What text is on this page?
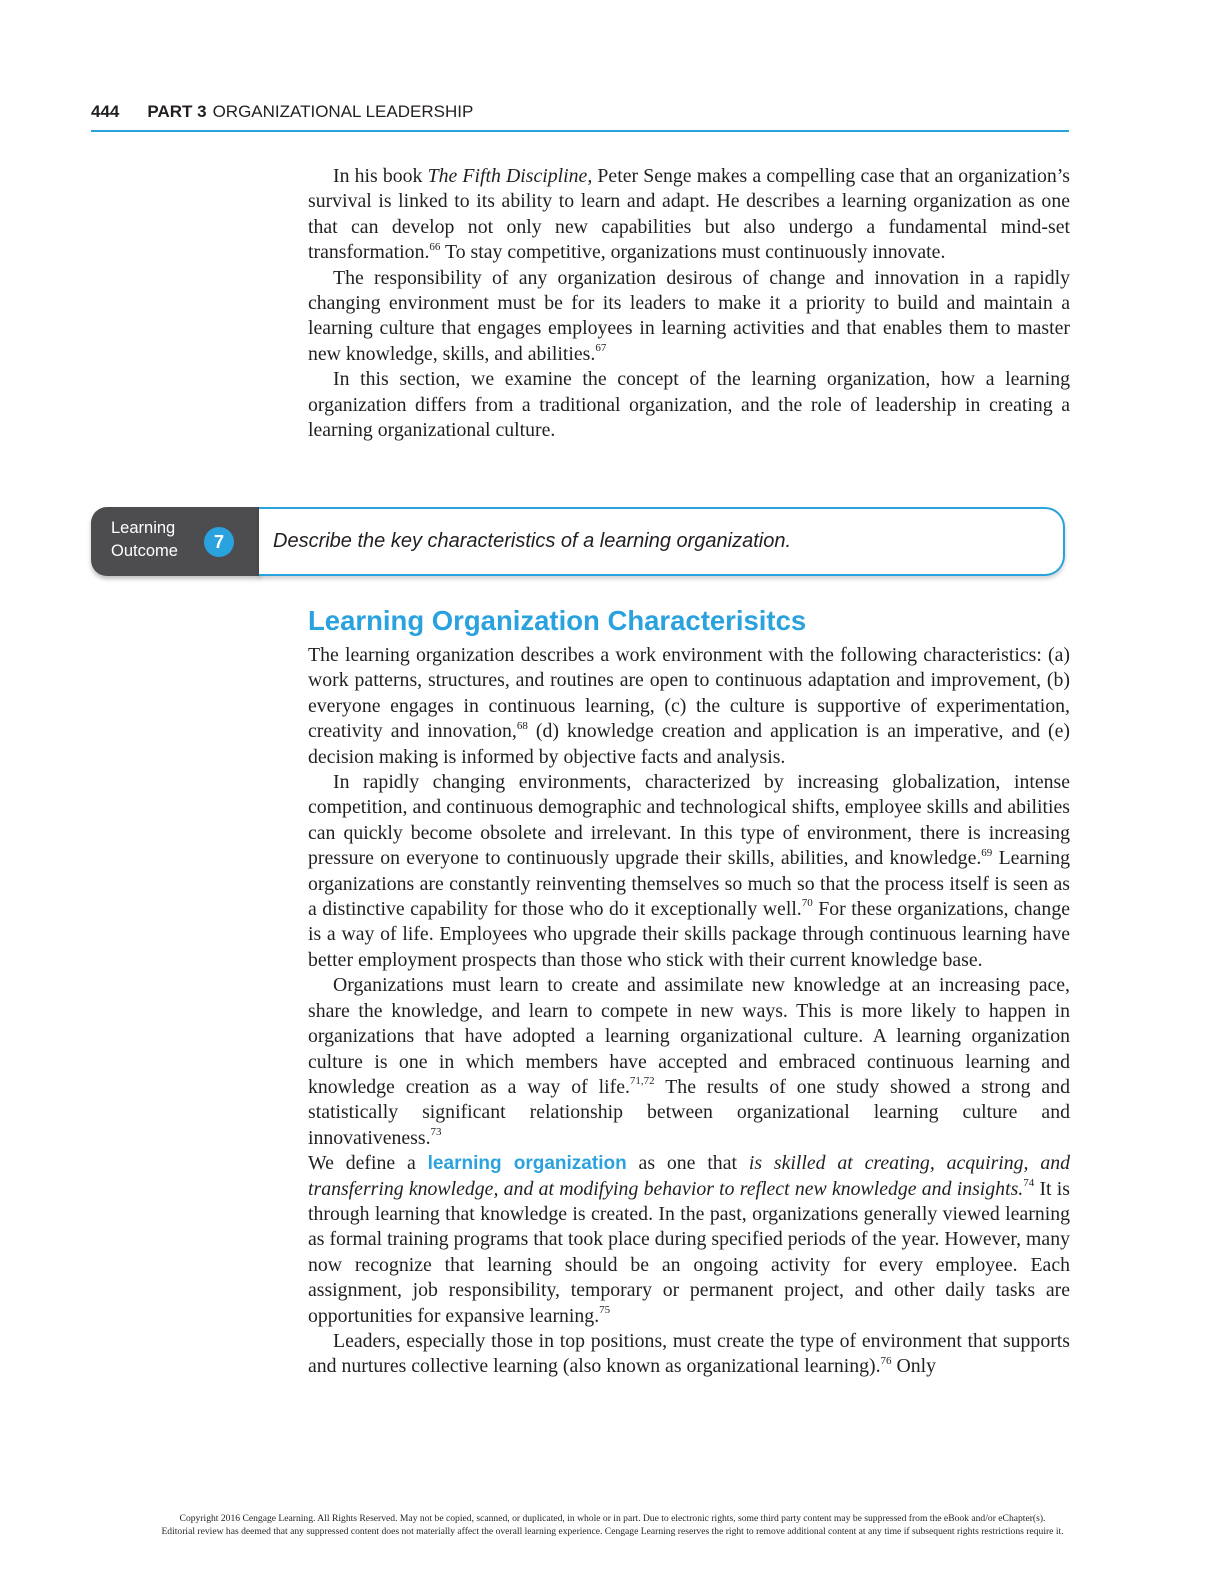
444 PART 3 ORGANIZATIONAL LEADERSHIP

In his book The Fifth Discipline, Peter Senge makes a compelling case that an organization’s survival is linked to its ability to learn and adapt. He describes a learning organization as one that can develop not only new capabilities but also undergo a fundamental mind-set transformation.$^{66}$ To stay competitive, organizations must continuously innovate.

The responsibility of any organization desirous of change and innovation in a rapidly changing environment must be for its leaders to make it a priority to build and maintain a learning culture that engages employees in learning activities and that enables them to master new knowledge, skills, and abilities.$^{67}$

In this section, we examine the concept of the learning organization, how a learning organization differs from a traditional organization, and the role of leadership in creating a learning organizational culture.

Learning
Outcome	7	Describe the key characteristics of a learning organization.
Learning Organization Characterisitcs

The learning organization describes a work environment with the following characteristics: (a) work patterns, structures, and routines are open to continuous adaptation and improvement, (b) everyone engages in continuous learning, (c) the culture is supportive of experimentation, creativity and innovation,$^{68}$ (d) knowledge creation and application is an imperative, and (e) decision making is informed by objective facts and analysis.

In rapidly changing environments, characterized by increasing globalization, intense competition, and continuous demographic and technological shifts, employee skills and abilities can quickly become obsolete and irrelevant. In this type of environment, there is increasing pressure on everyone to continuously upgrade their skills, abilities, and knowledge.$^{69}$ Learning organizations are constantly reinventing themselves so much so that the process itself is seen as a distinctive capability for those who do it exceptionally well.$^{70}$ For these organizations, change is a way of life. Employees who upgrade their skills package through continuous learning have better employment prospects than those who stick with their current knowledge base.

Organizations must learn to create and assimilate new knowledge at an increasing pace, share the knowledge, and learn to compete in new ways. This is more likely to happen in organizations that have adopted a learning organizational culture. A learning organization culture is one in which members have accepted and embraced continuous learning and knowledge creation as a way of life.$^{71,72}$ The results of one study showed a strong and statistically significant relationship between organizational learning culture and innovativeness.$^{73}$

We define a learning organization as one that is skilled at creating, acquiring, and transferring knowledge, and at modifying behavior to reflect new knowledge and insights.$^{74}$ It is through learning that knowledge is created. In the past, organizations generally viewed learning as formal training programs that took place during specified periods of the year. However, many now recognize that learning should be an ongoing activity for every employee. Each assignment, job responsibility, temporary or permanent project, and other daily tasks are opportunities for expansive learning.$^{75}$

Leaders, especially those in top positions, must create the type of environment that supports and nurtures collective learning (also known as organizational learning).$^{76}$ Only

Copyright 2016 Cengage Learning. All Rights Reserved. May not be copied, scanned, or duplicated, in whole or in part. Due to electronic rights, some third party content may be suppressed from the eBook and/or eChapter(s).
Editorial review has deemed that any suppressed content does not materially affect the overall learning experience. Cengage Learning reserves the right to remove additional content at any time if subsequent rights restrictions require it.
